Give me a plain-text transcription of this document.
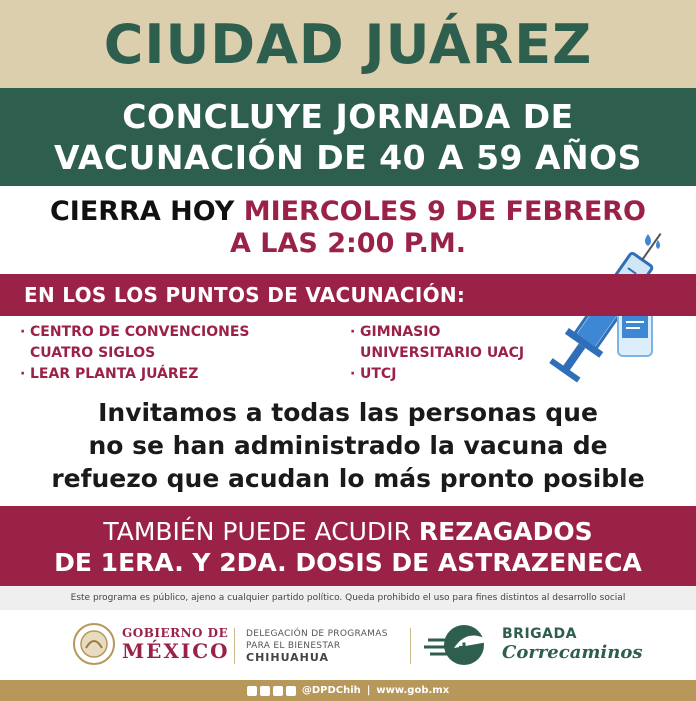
CIUDAD JUÁREZ
CONCLUYE JORNADA DE
VACUNACIÓN DE 40 A 59 AÑOS
CIERRA HOY MIERCOLES 9 DE FEBRERO
A LAS 2:00 P.M.
EN LOS LOS PUNTOS DE VACUNACIÓN:
· CENTRO DE CONVENCIONES
CUATRO SIGLOS
· LEAR PLANTA JUÁREZ
· GIMNASIO
UNIVERSITARIO UACJ
· UTCJ
Invitamos a todas las personas que
no se han administrado la vacuna de
refuezo que acudan lo más pronto posible
TAMBIÉN PUEDE ACUDIR REZAGADOS
DE 1ERA. Y 2DA. DOSIS DE ASTRAZENECA
Este programa es público, ajeno a cualquier partido político. Queda prohibido el uso para fines distintos al desarrollo social
GOBIERNO DE
MÉXICO
DELEGACIÓN DE PROGRAMAS
PARA EL BIENESTAR
CHIHUAHUA
BRIGADA
Correcaminos
@DPDChih | www.gob.mx
